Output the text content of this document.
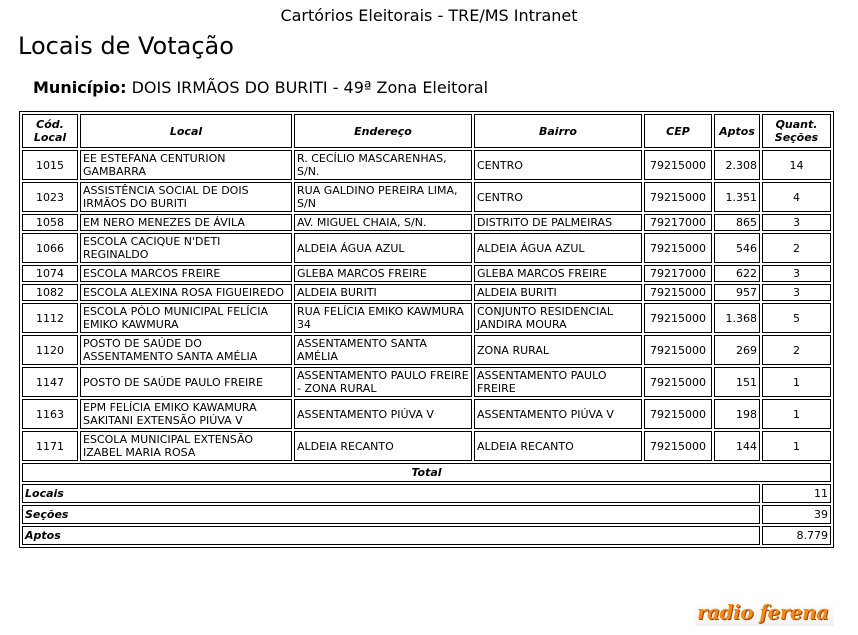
Cartórios Eleitorais - TRE/MS Intranet
Locais de Votação
Município: DOIS IRMÃOS DO BURITI - 49ª Zona Eleitoral
Cód. Local	Local	Endereço	Bairro	CEP	Aptos	Quant. Seções
1015	EE ESTEFANA CENTURION GAMBARRA	R. CECÍLIO MASCARENHAS, S/N.	CENTRO	79215000	2.308	14
1023	ASSISTÊNCIA SOCIAL DE DOIS IRMÃOS DO BURITI	RUA GALDINO PEREIRA LIMA, S/N	CENTRO	79215000	1.351	4
1058	EM NERO MENEZES DE ÁVILA	AV. MIGUEL CHAIA, S/N.	DISTRITO DE PALMEIRAS	79217000	865	3
1066	ESCOLA CACIQUE N'DETI REGINALDO	ALDEIA ÁGUA AZUL	ALDEIA ÁGUA AZUL	79215000	546	2
1074	ESCOLA MARCOS FREIRE	GLEBA MARCOS FREIRE	GLEBA MARCOS FREIRE	79217000	622	3
1082	ESCOLA ALEXINA ROSA FIGUEIREDO	ALDEIA BURITI	ALDEIA BURITI	79215000	957	3
1112	ESCOLA PÓLO MUNICIPAL FELÍCIA EMIKO KAWMURA	RUA FELÍCIA EMIKO KAWMURA 34	CONJUNTO RESIDENCIAL JANDIRA MOURA	79215000	1.368	5
1120	POSTO DE SAÚDE DO ASSENTAMENTO SANTA AMÉLIA	ASSENTAMENTO SANTA AMÉLIA	ZONA RURAL	79215000	269	2
1147	POSTO DE SAÚDE PAULO FREIRE	ASSENTAMENTO PAULO FREIRE - ZONA RURAL	ASSENTAMENTO PAULO FREIRE	79215000	151	1
1163	EPM FELÍCIA EMIKO KAWAMURA SAKITANI EXTENSÃO PIÚVA V	ASSENTAMENTO PIÚVA V	ASSENTAMENTO PIÚVA V	79215000	198	1
1171	ESCOLA MUNICIPAL EXTENSÃO IZABEL MARIA ROSA	ALDEIA RECANTO	ALDEIA RECANTO	79215000	144	1
Total						
Locais						11
Seções						39
Aptos						8.779
radio ferena
